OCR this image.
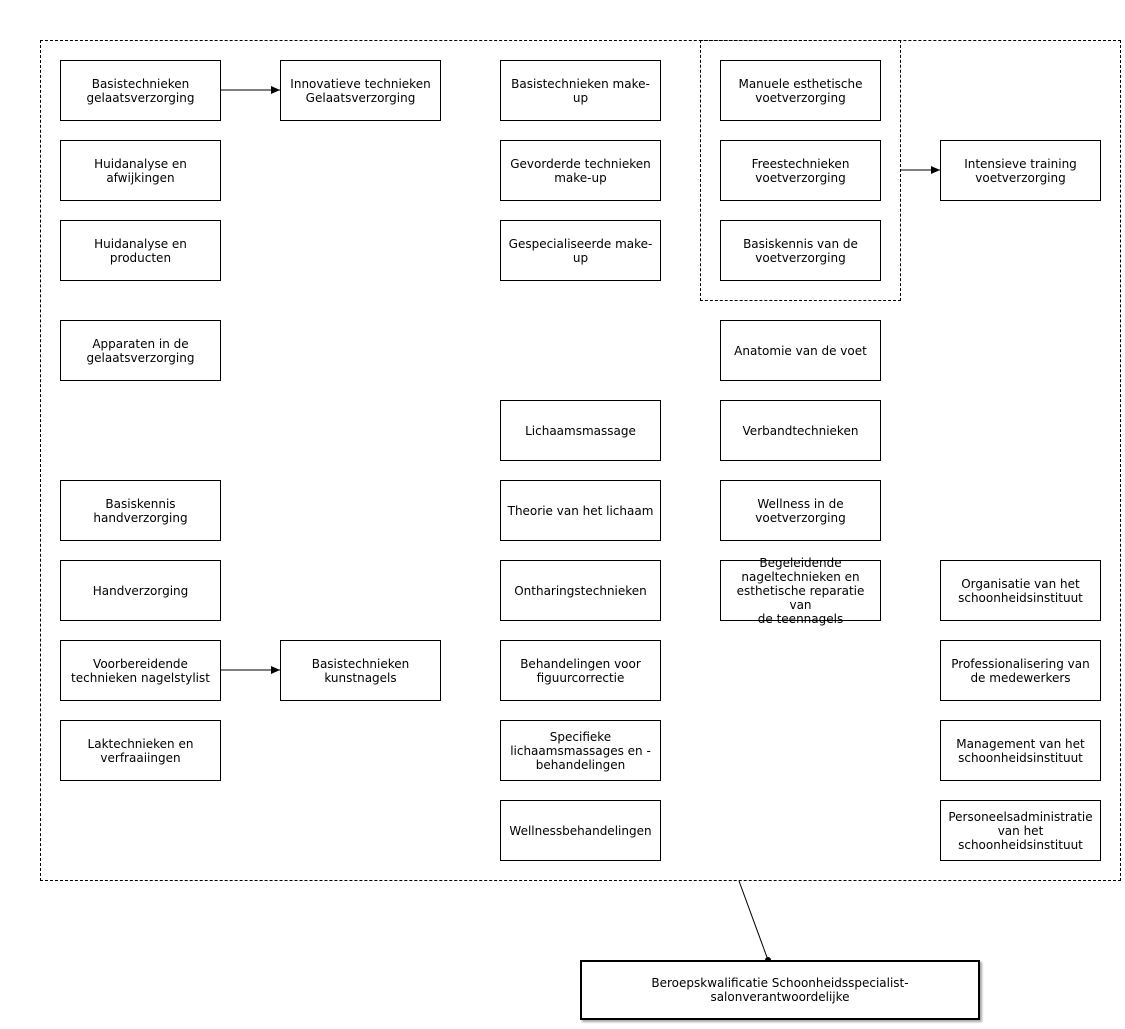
Basistechnieken
gelaatsverzorging
Huidanalyse en
afwijkingen
Huidanalyse en
producten
Apparaten in de
gelaatsverzorging
Basiskennis
handverzorging
Handverzorging
Voorbereidende
technieken nagelstylist
Laktechnieken en
verfraaiingen
Innovatieve technieken
Gelaatsverzorging
Basistechnieken
kunstnagels
Basistechnieken make-up
Gevorderde technieken
make-up
Gespecialiseerde make-
up
Lichaamsmassage
Theorie van het lichaam
Ontharingstechnieken
Behandelingen voor
figuurcorrectie
Specifieke
lichaamsmassages en -
behandelingen
Wellnessbehandelingen
Manuele esthetische
voetverzorging
Freestechnieken
voetverzorging
Basiskennis van de
voetverzorging
Anatomie van de voet
Verbandtechnieken
Wellness in de
voetverzorging
Begeleidende
nageltechnieken en
esthetische reparatie van
de teennagels
Intensieve training
voetverzorging
Organisatie van het
schoonheidsinstituut
Professionalisering van
de medewerkers
Management van het
schoonheidsinstituut
Personeelsadministratie
van het
schoonheidsinstituut
Beroepskwalificatie Schoonheidsspecialist-
salonverantwoordelijke
